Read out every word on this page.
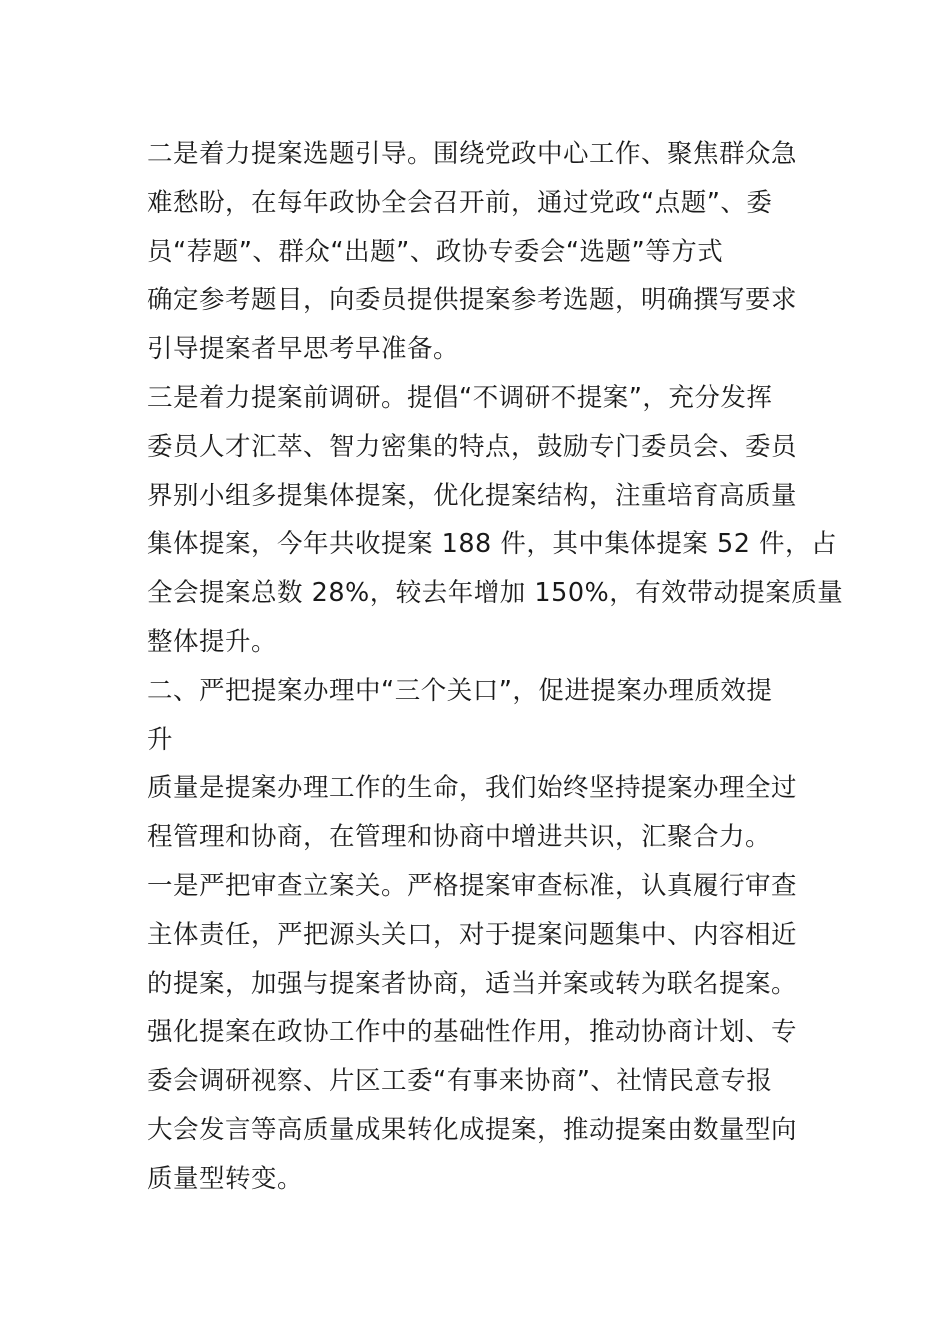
二是着力提案选题引导。围绕党政中心工作、聚焦群众急
难愁盼，在每年政协全会召开前，通过党政“点题”、委
员“荐题”、群众“出题”、政协专委会“选题”等方式
确定参考题目，向委员提供提案参考选题，明确撰写要求
引导提案者早思考早准备。
三是着力提案前调研。提倡“不调研不提案”，充分发挥
委员人才汇萃、智力密集的特点，鼓励专门委员会、委员
界别小组多提集体提案，优化提案结构，注重培育高质量
集体提案，今年共收提案 188 件，其中集体提案 52 件，占
全会提案总数 28%，较去年增加 150%，有效带动提案质量
整体提升。
二、严把提案办理中“三个关口”，促进提案办理质效提
升
质量是提案办理工作的生命，我们始终坚持提案办理全过
程管理和协商，在管理和协商中增进共识，汇聚合力。
一是严把审查立案关。严格提案审查标准，认真履行审查
主体责任，严把源头关口，对于提案问题集中、内容相近
的提案，加强与提案者协商，适当并案或转为联名提案。
强化提案在政协工作中的基础性作用，推动协商计划、专
委会调研视察、片区工委“有事来协商”、社情民意专报
大会发言等高质量成果转化成提案，推动提案由数量型向
质量型转变。
